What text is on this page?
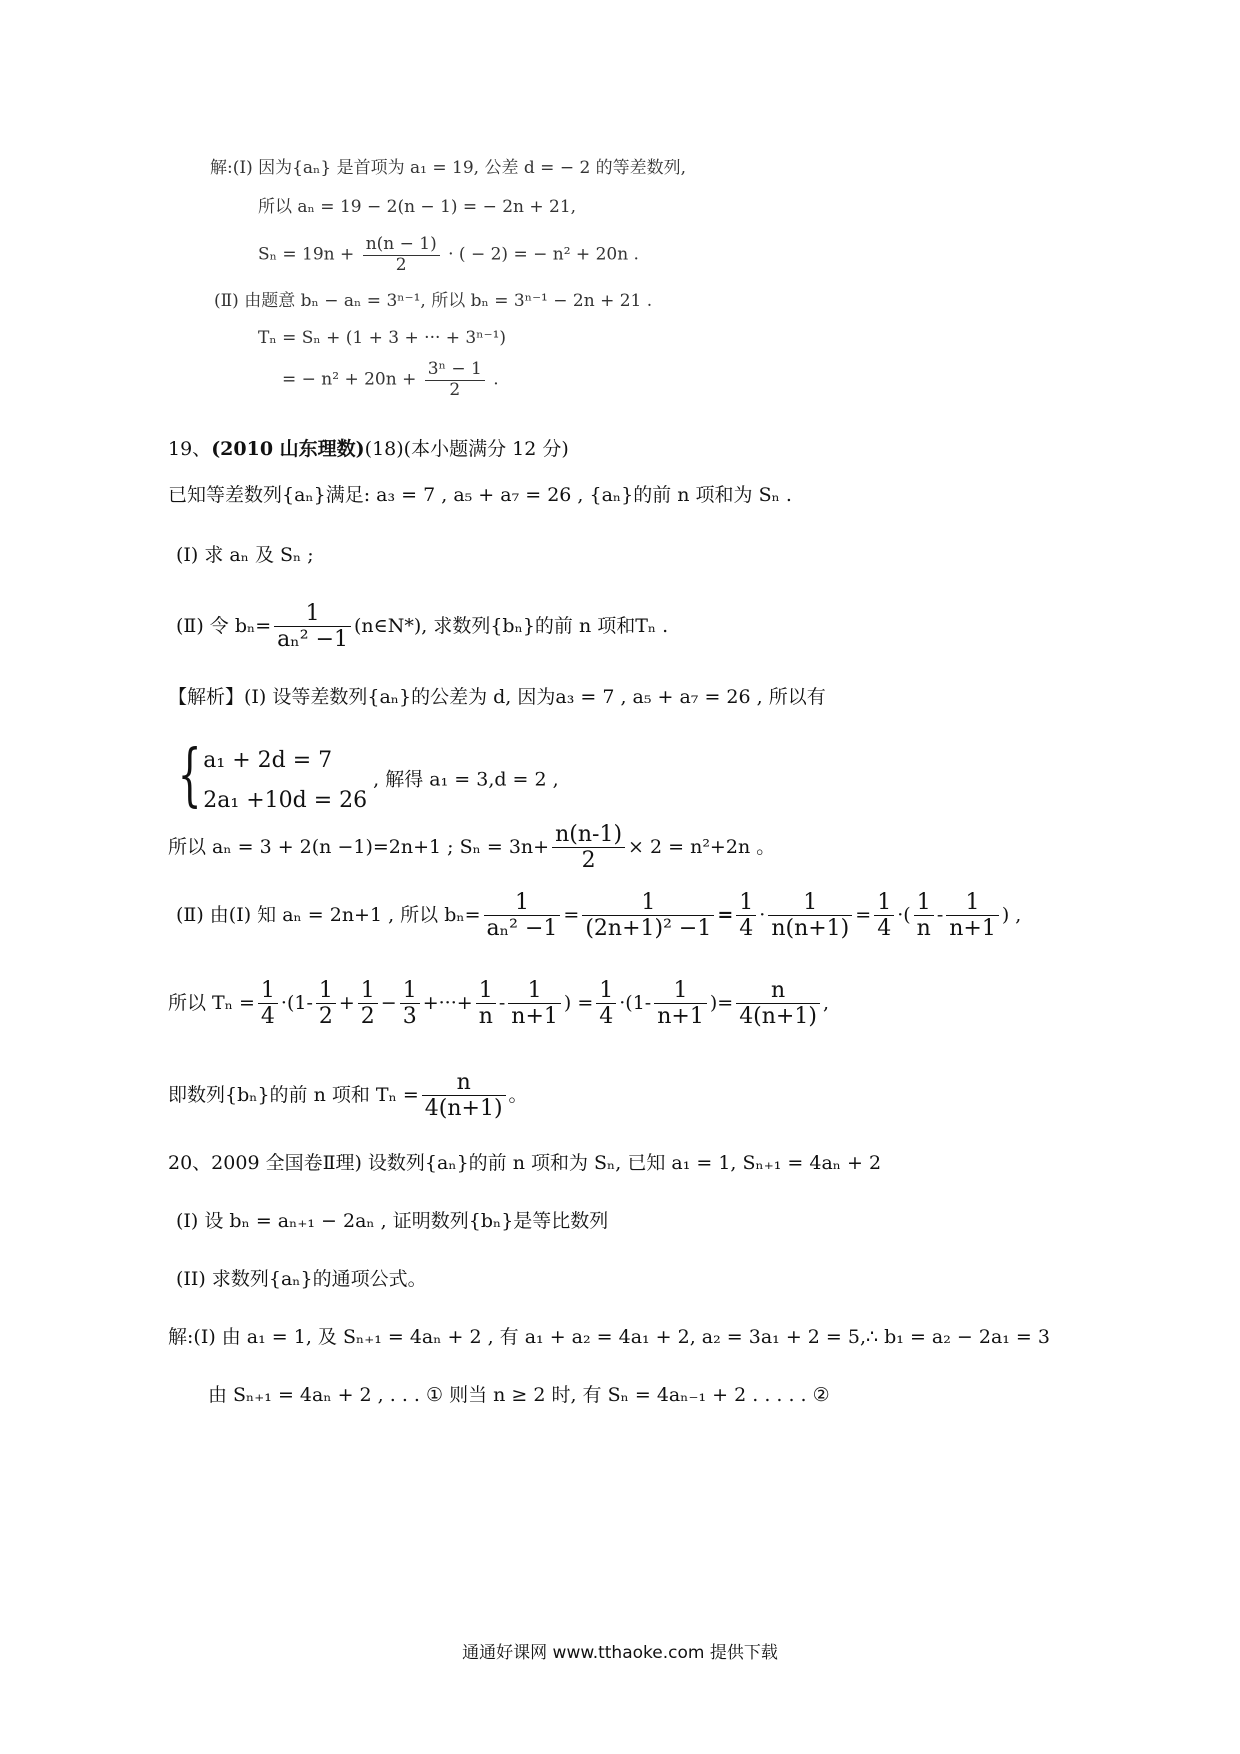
解:(Ⅰ) 因为{aₙ} 是首项为 a₁ = 19, 公差 d = − 2 的等差数列,
所以 aₙ = 19 − 2(n − 1) = − 2n + 21,
$S_n = 19n + \frac{n(n - 1)}{2}$ · ( − 2) = − n² + 20n .
(Ⅱ) 由题意 bₙ − aₙ = 3ⁿ⁻¹, 所以 bₙ = 3ⁿ⁻¹ − 2n + 21 .
Tₙ = Sₙ + (1 + 3 + ··· + 3ⁿ⁻¹)
= − $n^2 + 20n + \frac{\text{3ⁿ − 1}}{2}$ .
19、(2010 山东理数)(18)(本小题满分 12 分)
已知等差数列{aₙ}满足: a₃ = 7 , a₅ + a₇ = 26 , {aₙ}的前 n 项和为 Sₙ .
(Ⅰ) 求 aₙ 及 Sₙ ;
(Ⅱ) 令 $b_n= \frac{1}{\text{aₙ² −1}}$ (n∈N*), 求数列{bₙ}的前 n 项和Tₙ .
【解析】(Ⅰ) 设等差数列{aₙ}的公差为 d, 因为a₃ = 7 , a₅ + a₇ = 26 , 所以有
{ a₁ + 2d = 7
2a₁ +10d = 26
, 解得 a₁ = 3,d = 2 ,
所以 aₙ = 3 + 2(n −1)=2n+1 ; $S_n = 3n+ \frac{n(n-1)}{2} \times 2 = n^2+2n$ 。
(Ⅱ) 由(Ⅰ) 知 aₙ = 2n+1 , 所以 $b_n= \frac{1}{\text{aₙ² −1}} = \frac{1}{\text{(2n+1)² −1}} = \frac{1}{4} \cdot \frac{1}{n(n+1)} = \frac{1}{4}$ ·( $\frac{1}{n} - \frac{1}{n+1}$ ) ,
所以 $T_n = \frac{1}{4} \cdot(1- \frac{1}{2} + \frac{1}{2} - \frac{1}{3}$ +···+ $\frac{1}{n} - \frac{1}{n+1}$ ) = $\frac{1}{4} \cdot(1- \frac{1}{n+1}$ )= $\frac{n}{4(n+1)}$ ,
即数列{bₙ}的前 n 项和 $T_n = \frac{n}{4(n+1)}$ 。
20、2009 全国卷Ⅱ理) 设数列{aₙ}的前 n 项和为 Sₙ, 已知 a₁ = 1, Sₙ₊₁ = 4aₙ + 2
(I) 设 bₙ = aₙ₊₁ − 2aₙ , 证明数列{bₙ}是等比数列
(II) 求数列{aₙ}的通项公式。
解:(I) 由 a₁ = 1, 及 Sₙ₊₁ = 4aₙ + 2 , 有 a₁ + a₂ = 4a₁ + 2, a₂ = 3a₁ + 2 = 5,∴ b₁ = a₂ − 2a₁ = 3
由 Sₙ₊₁ = 4aₙ + 2 , . . . ① 则当 n ≥ 2 时, 有 Sₙ = 4aₙ₋₁ + 2 . . . . . ②
通通好课网 www.tthaoke.com 提供下载
